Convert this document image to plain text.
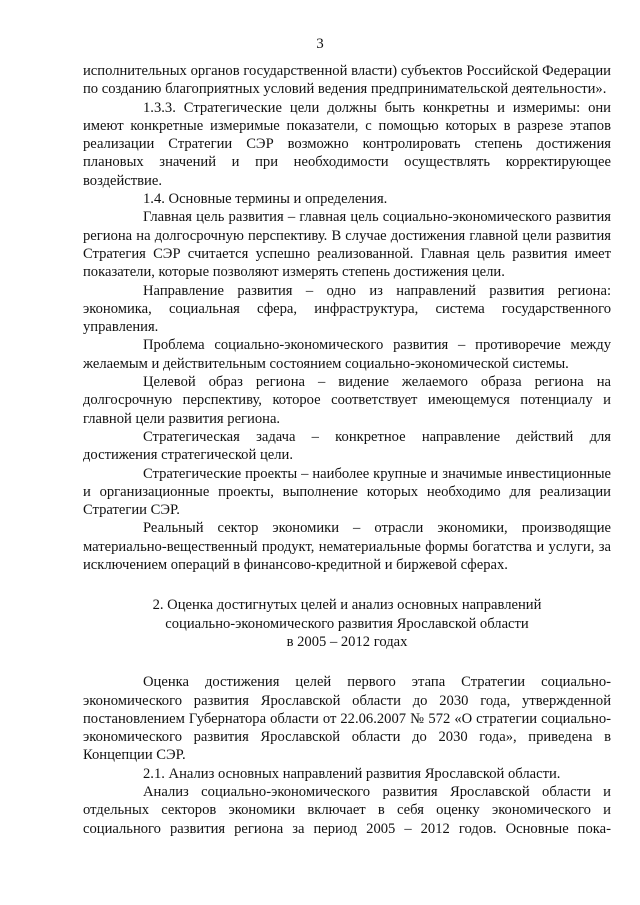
3

исполнительных органов государственной власти) субъектов Российской Федерации по созданию благоприятных условий ведения предпринимательской деятельности».

1.3.3. Стратегические цели должны быть конкретны и измеримы: они имеют конкретные измеримые показатели, с помощью которых в разрезе этапов реализации Стратегии СЭР возможно контролировать степень достижения плановых значений и при необходимости осуществлять корректирующее воздействие.

1.4. Основные термины и определения.

Главная цель развития – главная цель социально-экономического развития региона на долгосрочную перспективу. В случае достижения главной цели развития Стратегия СЭР считается успешно реализованной. Главная цель развития имеет показатели, которые позволяют измерять степень достижения цели.

Направление развития – одно из направлений развития региона: экономика, социальная сфера, инфраструктура, система государственного управления.

Проблема социально-экономического развития – противоречие между желаемым и действительным состоянием социально-экономической системы.

Целевой образ региона – видение желаемого образа региона на долгосрочную перспективу, которое соответствует имеющемуся потенциалу и главной цели развития региона.

Стратегическая задача – конкретное направление действий для достижения стратегической цели.

Стратегические проекты – наиболее крупные и значимые инвестиционные и организационные проекты, выполнение которых необходимо для реализации Стратегии СЭР.

Реальный сектор экономики – отрасли экономики, производящие материально-вещественный продукт, нематериальные формы богатства и услуги, за исключением операций в финансово-кредитной и биржевой сферах.

2. Оценка достигнутых целей и анализ основных направлений
социально-экономического развития Ярославской области
в 2005 – 2012 годах

Оценка достижения целей первого этапа Стратегии социально-экономического развития Ярославской области до 2030 года, утвержденной постановлением Губернатора области от 22.06.2007 № 572 «О стратегии социально-экономического развития Ярославской области до 2030 года», приведена в Концепции СЭР.

2.1. Анализ основных направлений развития Ярославской области.

Анализ социально-экономического развития Ярославской области и отдельных секторов экономики включает в себя оценку экономического и социального развития региона за период 2005 – 2012 годов. Основные пока-
